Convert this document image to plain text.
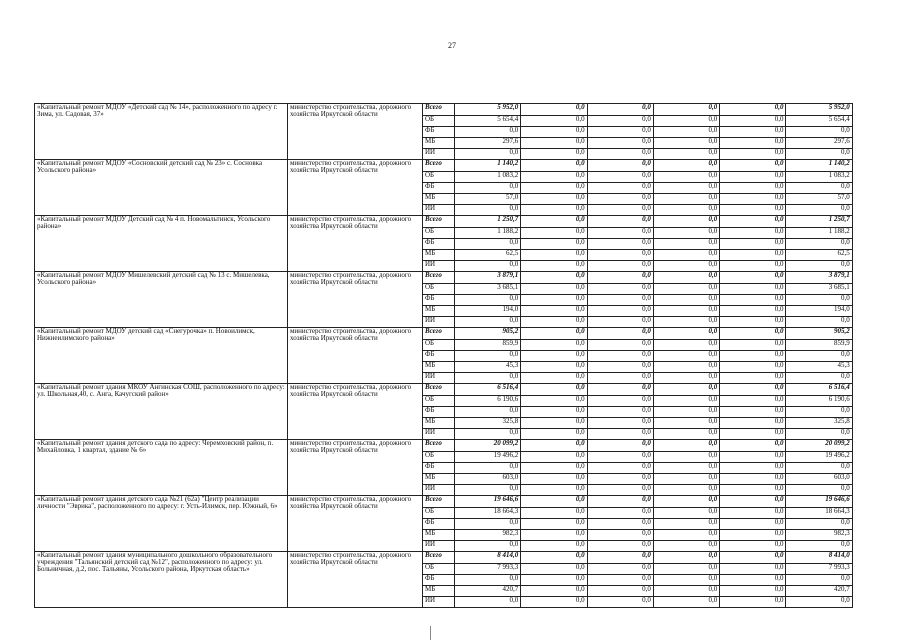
27
«Капитальный ремонт МДОУ «Детский сад № 14», расположенного по адресу г. Зима, ул. Садовая, 37»	министерство строительства, дорожного хозяйства Иркутской области	Всего	5 952,0	0,0	0,0	0,0	0,0	5 952,0
		ОБ	5 654,4	0,0	0,0	0,0	0,0	5 654,4
		ФБ	0,0	0,0	0,0	0,0	0,0	0,0
		МБ	297,6	0,0	0,0	0,0	0,0	297,6
		ИИ	0,0	0,0	0,0	0,0	0,0	0,0
«Капитальный ремонт МДОУ «Сосновский детский сад № 23» с. Сосновка Усольского района»	министерство строительства, дорожного хозяйства Иркутской области	Всего	1 140,2	0,0	0,0	0,0	0,0	1 140,2
		ОБ	1 083,2	0,0	0,0	0,0	0,0	1 083,2
		ФБ	0,0	0,0	0,0	0,0	0,0	0,0
		МБ	57,0	0,0	0,0	0,0	0,0	57,0
		ИИ	0,0	0,0	0,0	0,0	0,0	0,0
«Капитальный ремонт МДОУ Детский сад № 4 п. Новомальтинск, Усольского района»	министерство строительства, дорожного хозяйства Иркутской области	Всего	1 250,7	0,0	0,0	0,0	0,0	1 250,7
		ОБ	1 188,2	0,0	0,0	0,0	0,0	1 188,2
		ФБ	0,0	0,0	0,0	0,0	0,0	0,0
		МБ	62,5	0,0	0,0	0,0	0,0	62,5
		ИИ	0,0	0,0	0,0	0,0	0,0	0,0
«Капитальный ремонт МДОУ Мишелевский детский сад № 13 с. Мишелевка, Усольского района»	министерство строительства, дорожного хозяйства Иркутской области	Всего	3 879,1	0,0	0,0	0,0	0,0	3 879,1
		ОБ	3 685,1	0,0	0,0	0,0	0,0	3 685,1
		ФБ	0,0	0,0	0,0	0,0	0,0	0,0
		МБ	194,0	0,0	0,0	0,0	0,0	194,0
		ИИ	0,0	0,0	0,0	0,0	0,0	0,0
«Капитальный ремонт МДОУ детский сад «Снегурочка» п. Новоилимск, Нижнеилимского района»	министерство строительства, дорожного хозяйства Иркутской области	Всего	905,2	0,0	0,0	0,0	0,0	905,2
		ОБ	859,9	0,0	0,0	0,0	0,0	859,9
		ФБ	0,0	0,0	0,0	0,0	0,0	0,0
		МБ	45,3	0,0	0,0	0,0	0,0	45,3
		ИИ	0,0	0,0	0,0	0,0	0,0	0,0
«Капитальный ремонт здания МКОУ Ангинская СОШ, расположенного по адресу: ул. Школьная,40, с. Анга, Качугский район»	министерство строительства, дорожного хозяйства Иркутской области	Всего	6 516,4	0,0	0,0	0,0	0,0	6 516,4
		ОБ	6 190,6	0,0	0,0	0,0	0,0	6 190,6
		ФБ	0,0	0,0	0,0	0,0	0,0	0,0
		МБ	325,8	0,0	0,0	0,0	0,0	325,8
		ИИ	0,0	0,0	0,0	0,0	0,0	0,0
«Капитальный ремонт здания детского сада по адресу: Черемховский район, п. Михайловка, 1 квартал, здание № 6»	министерство строительства, дорожного хозяйства Иркутской области	Всего	20 099,2	0,0	0,0	0,0	0,0	20 099,2
		ОБ	19 496,2	0,0	0,0	0,0	0,0	19 496,2
		ФБ	0,0	0,0	0,0	0,0	0,0	0,0
		МБ	603,0	0,0	0,0	0,0	0,0	603,0
		ИИ	0,0	0,0	0,0	0,0	0,0	0,0
«Капитальный ремонт здания детского сада №21 (62а) "Центр реализации личности "Эврика", расположенного по адресу: г. Усть-Илимск, пер. Южный, 6»	министерство строительства, дорожного хозяйства Иркутской области	Всего	19 646,6	0,0	0,0	0,0	0,0	19 646,6
		ОБ	18 664,3	0,0	0,0	0,0	0,0	18 664,3
		ФБ	0,0	0,0	0,0	0,0	0,0	0,0
		МБ	982,3	0,0	0,0	0,0	0,0	982,3
		ИИ	0,0	0,0	0,0	0,0	0,0	0,0
«Капитальный ремонт здания муниципального дошкольного образовательного учреждения "Тальянский детский сад №12", расположенного по адресу: ул. Больничная, д.2, пос. Тальяны, Усольского района, Иркутская область»	министерство строительства, дорожного хозяйства Иркутской области	Всего	8 414,0	0,0	0,0	0,0	0,0	8 414,0
		ОБ	7 993,3	0,0	0,0	0,0	0,0	7 993,3
		ФБ	0,0	0,0	0,0	0,0	0,0	0,0
		МБ	420,7	0,0	0,0	0,0	0,0	420,7
		ИИ	0,0	0,0	0,0	0,0	0,0	0,0
